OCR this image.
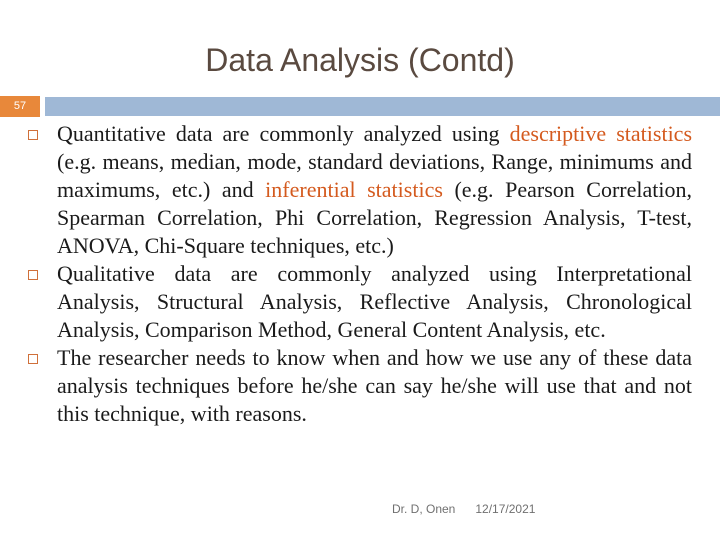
Data Analysis (Contd)
57
Quantitative data are commonly analyzed using descriptive statistics (e.g. means, median, mode, standard deviations, Range, minimums and maximums, etc.) and inferential statistics (e.g. Pearson Correlation, Spearman Correlation, Phi Correlation, Regression Analysis, T-test, ANOVA, Chi-Square techniques, etc.)
Qualitative data are commonly analyzed using Interpretational Analysis, Structural Analysis, Reflective Analysis, Chronological Analysis, Comparison Method, General Content Analysis, etc.
The researcher needs to know when and how we use any of these data analysis techniques before he/she can say he/she will use that and not this technique, with reasons.
Dr. D, Onen 12/17/2021
